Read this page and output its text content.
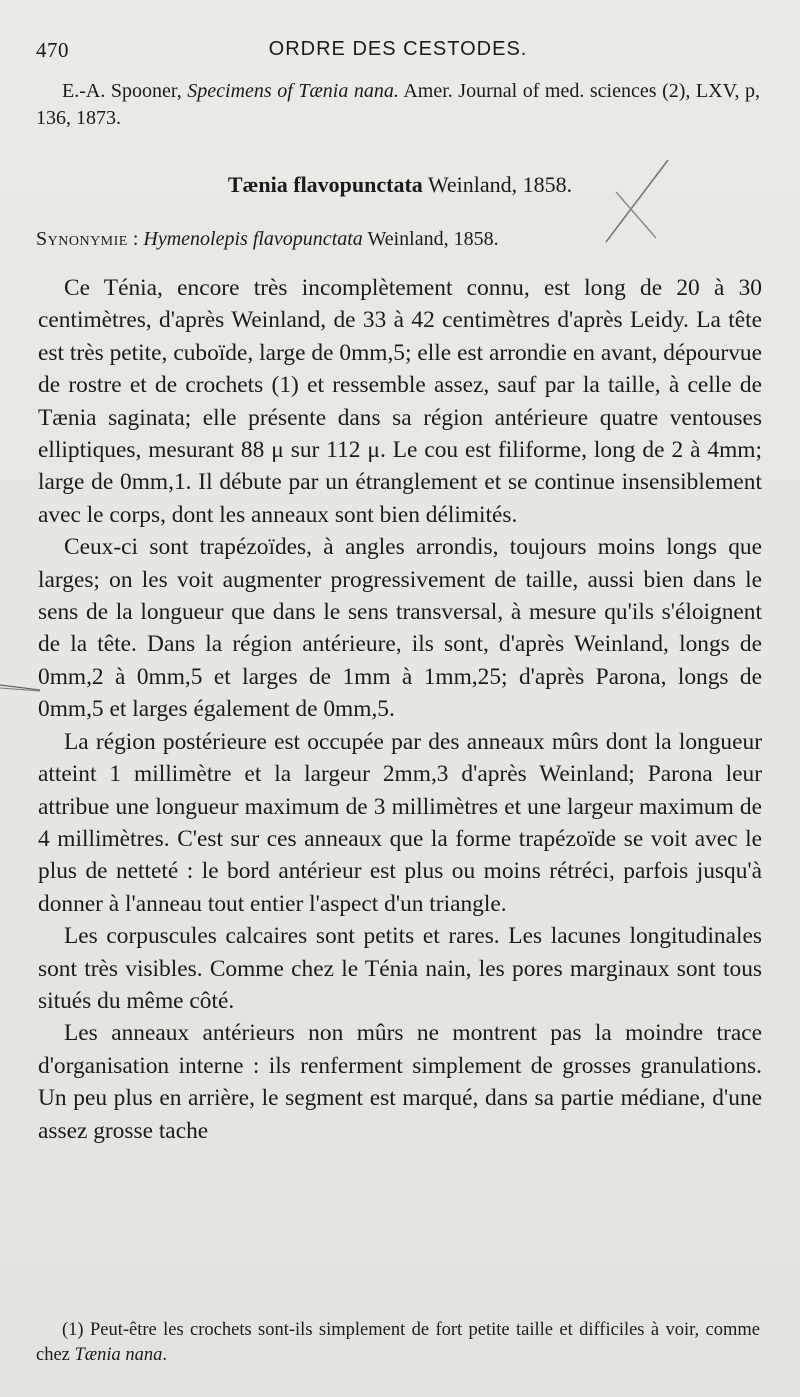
470	ORDRE DES CESTODES.
E.-A. Spooner, Specimens of Tænia nana. Amer. Journal of med. sciences (2), LXV, p, 136, 1873.
Tænia flavopunctata Weinland, 1858.
Synonymie : Hymenolepis flavopunctata Weinland, 1858.

Ce Ténia, encore très incomplètement connu, est long de 20 à 30 centimètres, d'après Weinland, de 33 à 42 centimètres d'après Leidy. La tête est très petite, cuboïde, large de 0mm,5; elle est arrondie en avant, dépourvue de rostre et de crochets (1) et ressemble assez, sauf par la taille, à celle de Tænia saginata; elle présente dans sa région antérieure quatre ventouses elliptiques, mesurant 88 μ sur 112 μ. Le cou est filiforme, long de 2 à 4mm; large de 0mm,1. Il débute par un étranglement et se continue insensiblement avec le corps, dont les anneaux sont bien délimités.

Ceux-ci sont trapézoïdes, à angles arrondis, toujours moins longs que larges; on les voit augmenter progressivement de taille, aussi bien dans le sens de la longueur que dans le sens transversal, à mesure qu'ils s'éloignent de la tête. Dans la région antérieure, ils sont, d'après Weinland, longs de 0mm,2 à 0mm,5 et larges de 1mm à 1mm,25; d'après Parona, longs de 0mm,5 et larges également de 0mm,5.

La région postérieure est occupée par des anneaux mûrs dont la longueur atteint 1 millimètre et la largeur 2mm,3 d'après Weinland; Parona leur attribue une longueur maximum de 3 millimètres et une largeur maximum de 4 millimètres. C'est sur ces anneaux que la forme trapézoïde se voit avec le plus de netteté : le bord antérieur est plus ou moins rétréci, parfois jusqu'à donner à l'anneau tout entier l'aspect d'un triangle.

Les corpuscules calcaires sont petits et rares. Les lacunes longitudinales sont très visibles. Comme chez le Ténia nain, les pores marginaux sont tous situés du même côté.

Les anneaux antérieurs non mûrs ne montrent pas la moindre trace d'organisation interne : ils renferment simplement de grosses granulations. Un peu plus en arrière, le segment est marqué, dans sa partie médiane, d'une assez grosse tache

(1) Peut-être les crochets sont-ils simplement de fort petite taille et difficiles à voir, comme chez Tænia nana.
